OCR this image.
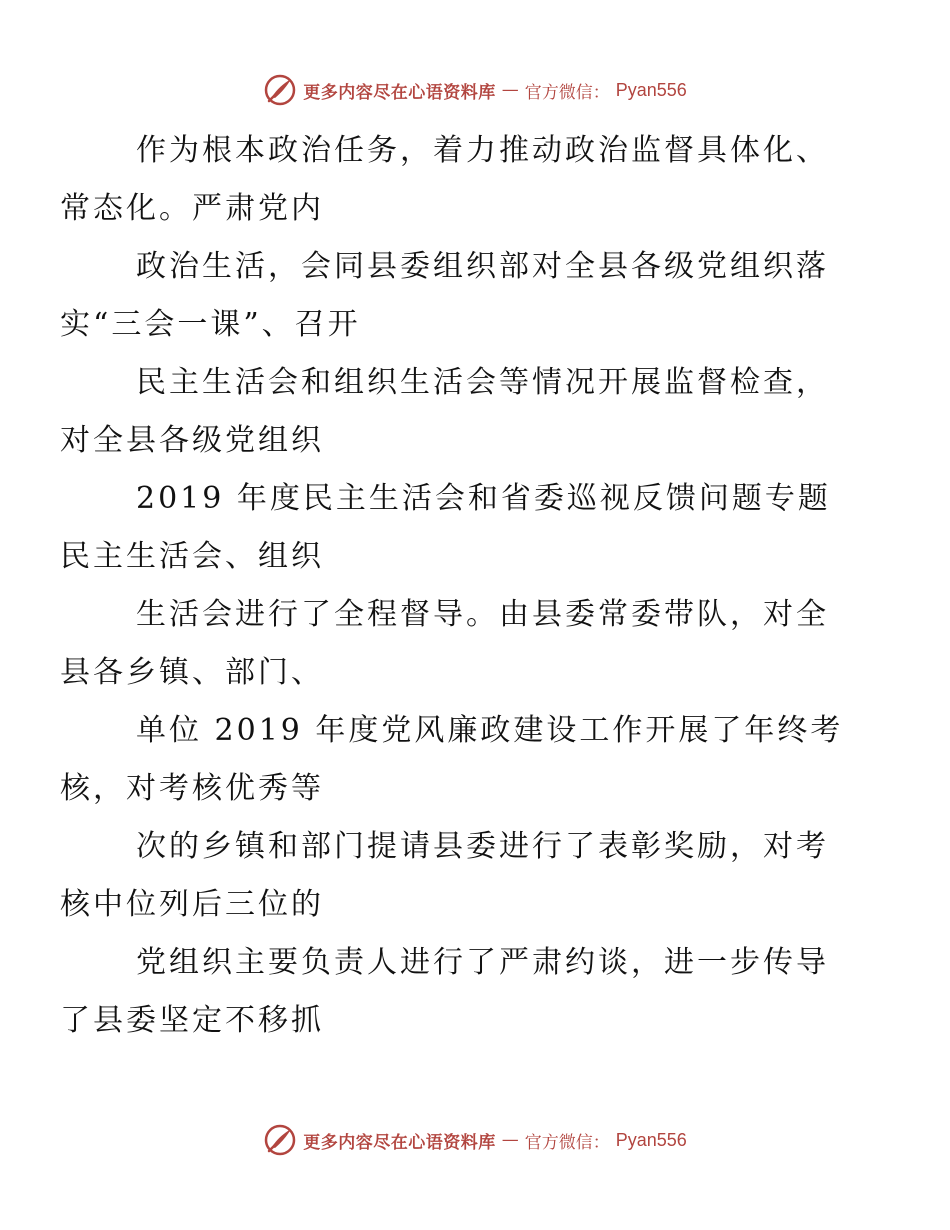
更多内容尽在心语资料库 — 官方微信： Pyan556

作为根本政治任务，着力推动政治监督具体化、
常态化。严肃党内

政治生活，会同县委组织部对全县各级党组织落
实“三会一课”、召开

民主生活会和组织生活会等情况开展监督检查，
对全县各级党组织

2019 年度民主生活会和省委巡视反馈问题专题
民主生活会、组织

生活会进行了全程督导。由县委常委带队，对全
县各乡镇、部门、

单位 2019 年度党风廉政建设工作开展了年终考
核，对考核优秀等

次的乡镇和部门提请县委进行了表彰奖励，对考
核中位列后三位的

党组织主要负责人进行了严肃约谈，进一步传导
了县委坚定不移抓

更多内容尽在心语资料库 — 官方微信： Pyan556
